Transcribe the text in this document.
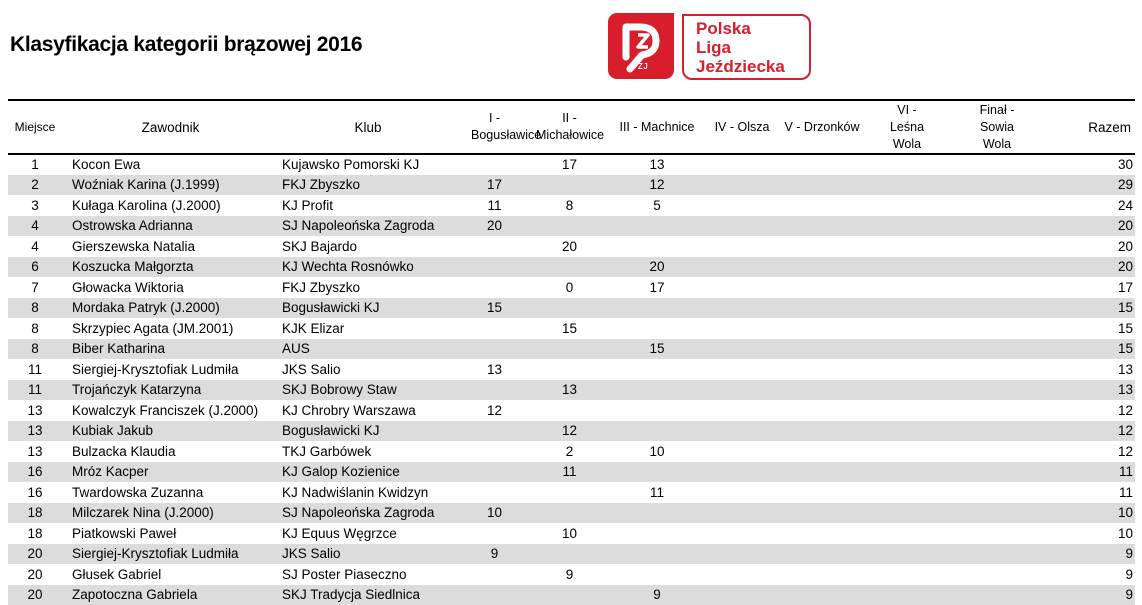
Klasyfikacja kategorii brązowej 2016
PZJ
Polska
Liga
Jeździecka
Miejsce	Zawodnik	Klub	I - Bogusławice	II - Michałowice	III - Machnice	IV - Olsza	V - Drzonków	VI - Leśna Wola	Finał - Sowia Wola	Razem
1	Kocon Ewa	Kujawsko Pomorski KJ		17	13					30
2	Woźniak Karina (J.1999)	FKJ Zbyszko	17		12					29
3	Kułaga Karolina (J.2000)	KJ Profit	11	8	5					24
4	Ostrowska Adrianna	SJ Napoleońska Zagroda	20							20
4	Gierszewska Natalia	SKJ Bajardo		20						20
6	Koszucka Małgorzta	KJ Wechta Rosnówko			20					20
7	Głowacka Wiktoria	FKJ Zbyszko		0	17					17
8	Mordaka Patryk (J.2000)	Bogusławicki KJ	15							15
8	Skrzypiec Agata (JM.2001)	KJK Elizar		15						15
8	Biber Katharina	AUS			15					15
11	Siergiej-Krysztofiak Ludmiła	JKS Salio	13							13
11	Trojańczyk Katarzyna	SKJ Bobrowy Staw		13						13
13	Kowalczyk Franciszek (J.2000)	KJ Chrobry Warszawa	12							12
13	Kubiak Jakub	Bogusławicki KJ		12						12
13	Bulzacka Klaudia	TKJ Garbówek		2	10					12
16	Mróz Kacper	KJ Galop Kozienice		11						11
16	Twardowska Zuzanna	KJ Nadwiślanin Kwidzyn			11					11
18	Milczarek Nina (J.2000)	SJ Napoleońska Zagroda	10							10
18	Piatkowski Paweł	KJ Equus Węgrzce		10						10
20	Siergiej-Krysztofiak Ludmiła	JKS Salio	9							9
20	Głusek Gabriel	SJ Poster Piaseczno		9						9
20	Zapotoczna Gabriela	SKJ Tradycja Siedlnica			9					9
